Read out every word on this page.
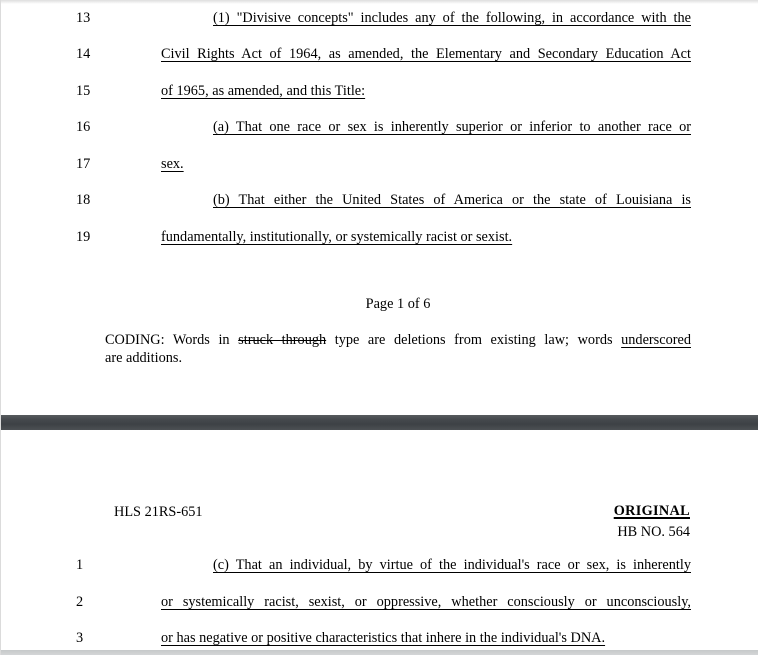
13	(1) "Divisive concepts" includes any of the following, in accordance with the
14	Civil Rights Act of 1964, as amended, the Elementary and Secondary Education Act
15	of 1965, as amended, and this Title:
16	(a) That one race or sex is inherently superior or inferior to another race or
17	sex.
18	(b) That either the United States of America or the state of Louisiana is
19	fundamentally, institutionally, or systemically racist or sexist.
Page 1 of 6
CODING: Words in struck through type are deletions from existing law; words underscored
are additions.
HLS 21RS-651	ORIGINAL
HB NO. 564
1	(c) That an individual, by virtue of the individual's race or sex, is inherently
2	or systemically racist, sexist, or oppressive, whether consciously or unconsciously,
3	or has negative or positive characteristics that inhere in the individual's DNA.
